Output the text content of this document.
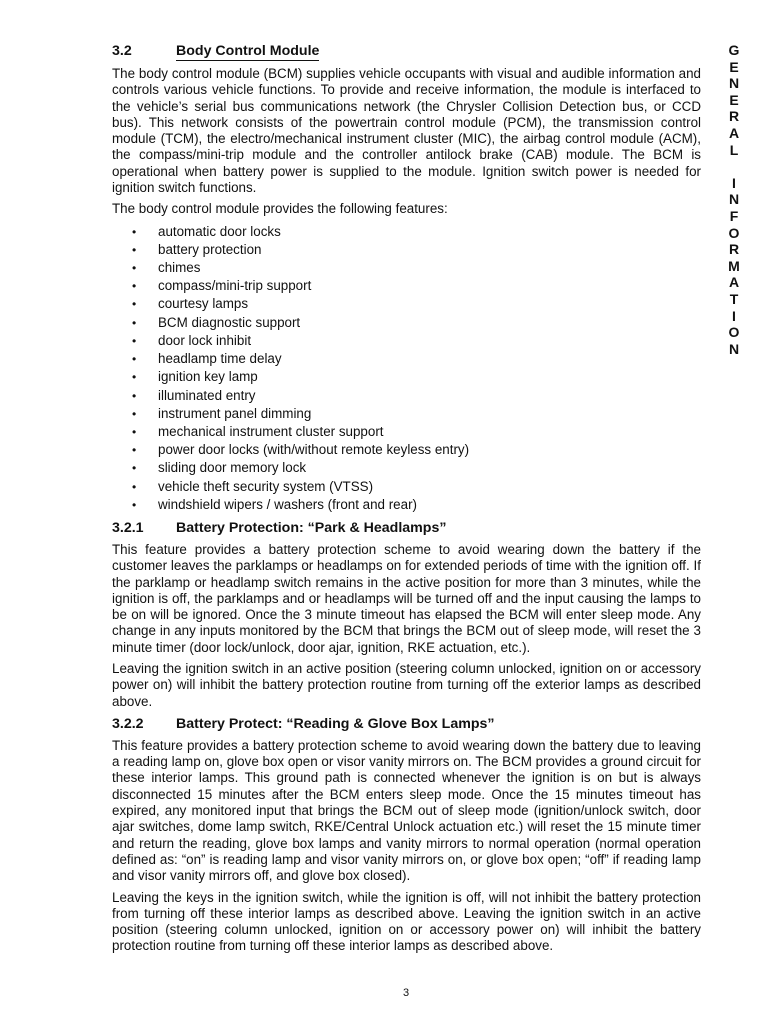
3.2	Body Control Module

The body control module (BCM) supplies vehicle occupants with visual and audible information and controls various vehicle functions. To provide and receive information, the module is interfaced to the vehicle’s serial bus communications network (the Chrysler Collision Detection bus, or CCD bus). This network consists of the powertrain control module (PCM), the transmission control module (TCM), the electro/mechanical instrument cluster (MIC), the airbag control module (ACM), the compass/mini-trip module and the controller antilock brake (CAB) module. The BCM is operational when battery power is supplied to the module. Ignition switch power is needed for ignition switch functions.

The body control module provides the following features:

• automatic door locks
• battery protection
• chimes
• compass/mini-trip support
• courtesy lamps
• BCM diagnostic support
• door lock inhibit
• headlamp time delay
• ignition key lamp
• illuminated entry
• instrument panel dimming
• mechanical instrument cluster support
• power door locks (with/without remote keyless entry)
• sliding door memory lock
• vehicle theft security system (VTSS)
• windshield wipers / washers (front and rear)
3.2.1	Battery Protection: “Park & Headlamps”

This feature provides a battery protection scheme to avoid wearing down the battery if the customer leaves the parklamps or headlamps on for extended periods of time with the ignition off. If the parklamp or headlamp switch remains in the active position for more than 3 minutes, while the ignition is off, the parklamps and or headlamps will be turned off and the input causing the lamps to be on will be ignored. Once the 3 minute timeout has elapsed the BCM will enter sleep mode. Any change in any inputs monitored by the BCM that brings the BCM out of sleep mode, will reset the 3 minute timer (door lock/unlock, door ajar, ignition, RKE actuation, etc.).

Leaving the ignition switch in an active position (steering column unlocked, ignition on or accessory power on) will inhibit the battery protection routine from turning off the exterior lamps as described above.

3.2.2	Battery Protect: “Reading & Glove Box Lamps”

This feature provides a battery protection scheme to avoid wearing down the battery due to leaving a reading lamp on, glove box open or visor vanity mirrors on. The BCM provides a ground circuit for these interior lamps. This ground path is connected whenever the ignition is on but is always disconnected 15 minutes after the BCM enters sleep mode. Once the 15 minutes timeout has expired, any monitored input that brings the BCM out of sleep mode (ignition/unlock switch, door ajar switches, dome lamp switch, RKE/Central Unlock actuation etc.) will reset the 15 minute timer and return the reading, glove box lamps and vanity mirrors to normal operation (normal operation defined as: “on” is reading lamp and visor vanity mirrors on, or glove box open; “off” if reading lamp and visor vanity mirrors off, and glove box closed).

Leaving the keys in the ignition switch, while the ignition is off, will not inhibit the battery protection from turning off these interior lamps as described above. Leaving the ignition switch in an active position (steering column unlocked, ignition on or accessory power on) will inhibit the battery protection routine from turning off these interior lamps as described above.

G
E
N
E
R
A
L
I
N
F
O
R
M
A
T
I
O
N
3
